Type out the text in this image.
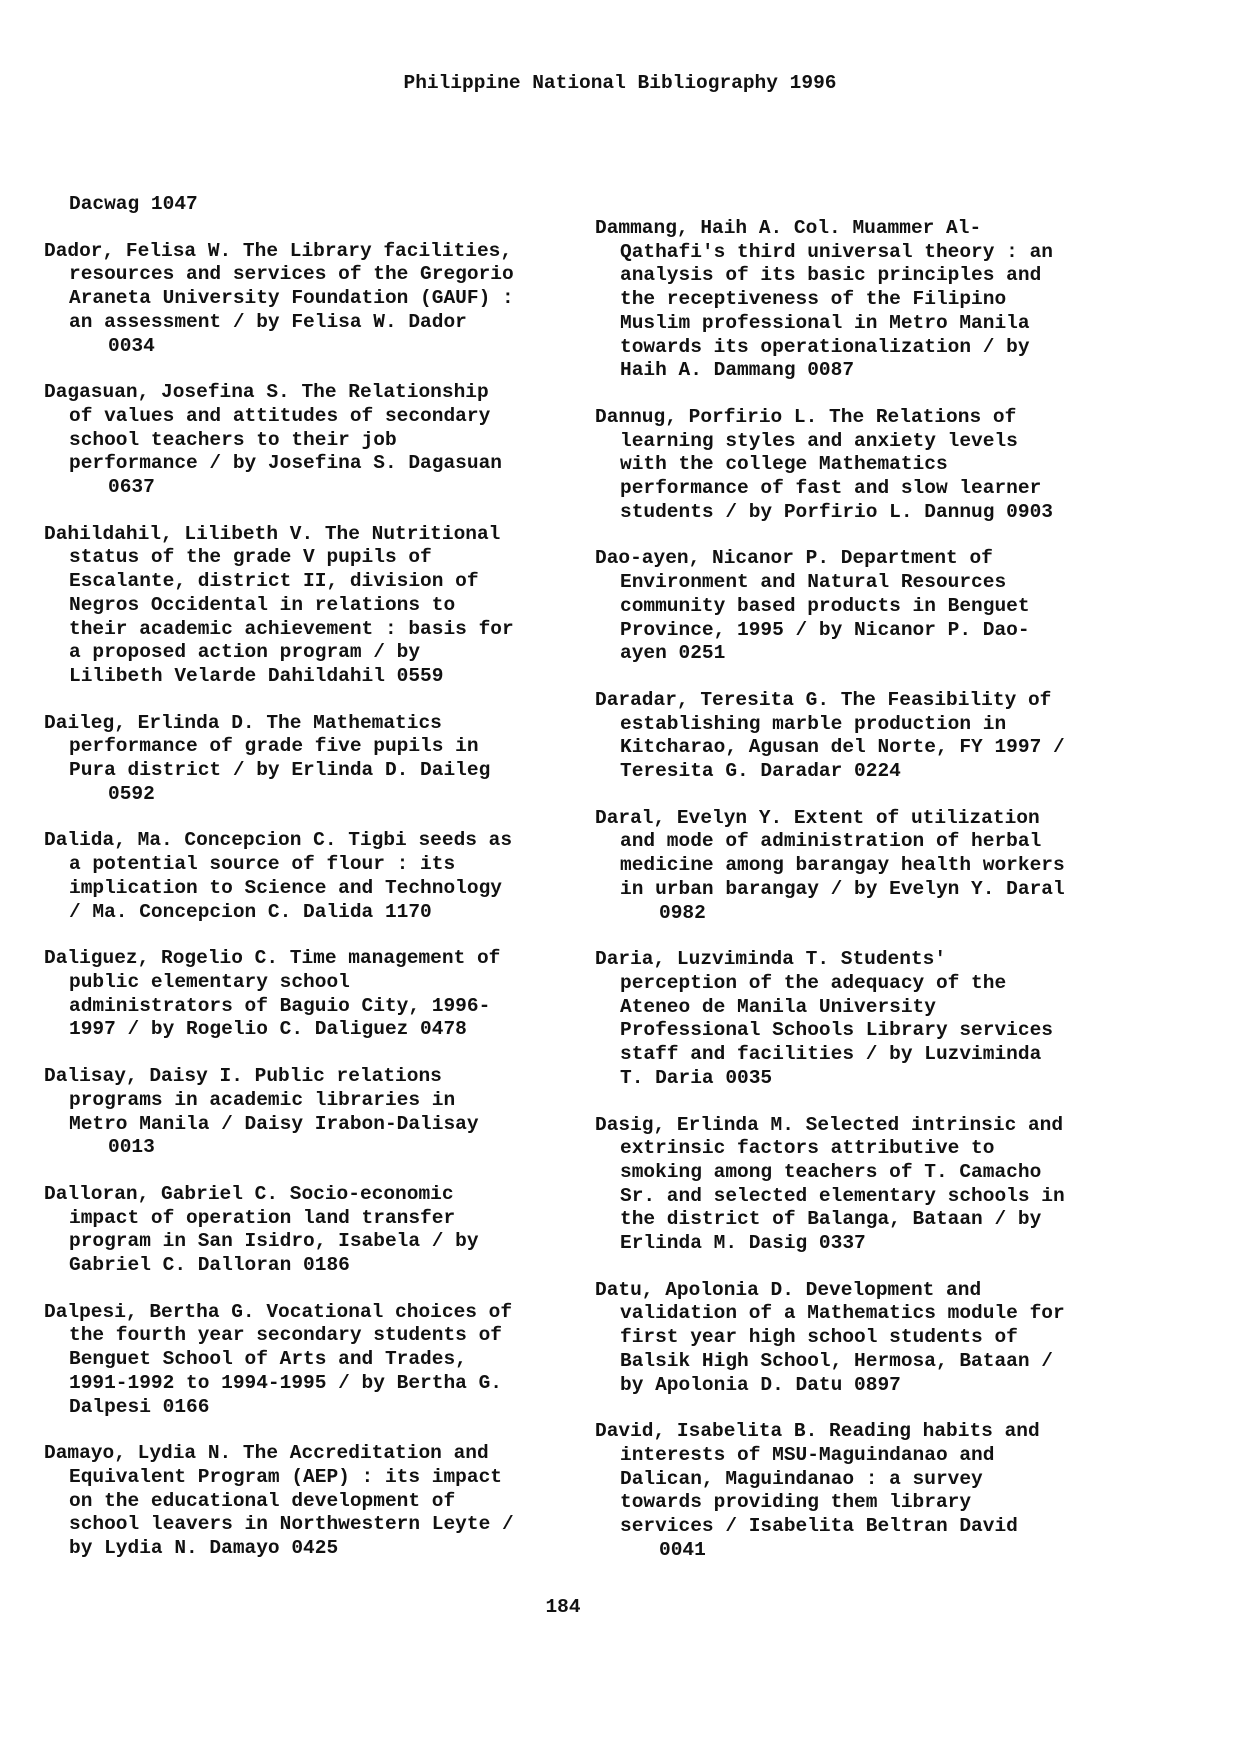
Philippine National Bibliography 1996
Dacwag 1047
Dador, Felisa W. The Library facilities,
resources and services of the Gregorio
Araneta University Foundation (GAUF) :
an assessment / by Felisa W. Dador
0034
Dagasuan, Josefina S. The Relationship
of values and attitudes of secondary
school teachers to their job
performance / by Josefina S. Dagasuan
0637
Dahildahil, Lilibeth V. The Nutritional
status of the grade V pupils of
Escalante, district II, division of
Negros Occidental in relations to
their academic achievement : basis for
a proposed action program / by
Lilibeth Velarde Dahildahil 0559
Daileg, Erlinda D. The Mathematics
performance of grade five pupils in
Pura district / by Erlinda D. Daileg
0592
Dalida, Ma. Concepcion C. Tigbi seeds as
a potential source of flour : its
implication to Science and Technology
/ Ma. Concepcion C. Dalida 1170
Daliguez, Rogelio C. Time management of
public elementary school
administrators of Baguio City, 1996-
1997 / by Rogelio C. Daliguez 0478
Dalisay, Daisy I. Public relations
programs in academic libraries in
Metro Manila / Daisy Irabon-Dalisay
0013
Dalloran, Gabriel C. Socio-economic
impact of operation land transfer
program in San Isidro, Isabela / by
Gabriel C. Dalloran 0186
Dalpesi, Bertha G. Vocational choices of
the fourth year secondary students of
Benguet School of Arts and Trades,
1991-1992 to 1994-1995 / by Bertha G.
Dalpesi 0166
Damayo, Lydia N. The Accreditation and
Equivalent Program (AEP) : its impact
on the educational development of
school leavers in Northwestern Leyte /
by Lydia N. Damayo 0425
Dammang, Haih A. Col. Muammer Al-
Qathafi's third universal theory : an
analysis of its basic principles and
the receptiveness of the Filipino
Muslim professional in Metro Manila
towards its operationalization / by
Haih A. Dammang 0087
Dannug, Porfirio L. The Relations of
learning styles and anxiety levels
with the college Mathematics
performance of fast and slow learner
students / by Porfirio L. Dannug 0903
Dao-ayen, Nicanor P. Department of
Environment and Natural Resources
community based products in Benguet
Province, 1995 / by Nicanor P. Dao-
ayen 0251
Daradar, Teresita G. The Feasibility of
establishing marble production in
Kitcharao, Agusan del Norte, FY 1997 /
Teresita G. Daradar 0224
Daral, Evelyn Y. Extent of utilization
and mode of administration of herbal
medicine among barangay health workers
in urban barangay / by Evelyn Y. Daral
0982
Daria, Luzviminda T. Students'
perception of the adequacy of the
Ateneo de Manila University
Professional Schools Library services
staff and facilities / by Luzviminda
T. Daria 0035
Dasig, Erlinda M. Selected intrinsic and
extrinsic factors attributive to
smoking among teachers of T. Camacho
Sr. and selected elementary schools in
the district of Balanga, Bataan / by
Erlinda M. Dasig 0337
Datu, Apolonia D. Development and
validation of a Mathematics module for
first year high school students of
Balsik High School, Hermosa, Bataan /
by Apolonia D. Datu 0897
David, Isabelita B. Reading habits and
interests of MSU-Maguindanao and
Dalican, Maguindanao : a survey
towards providing them library
services / Isabelita Beltran David
0041
184
